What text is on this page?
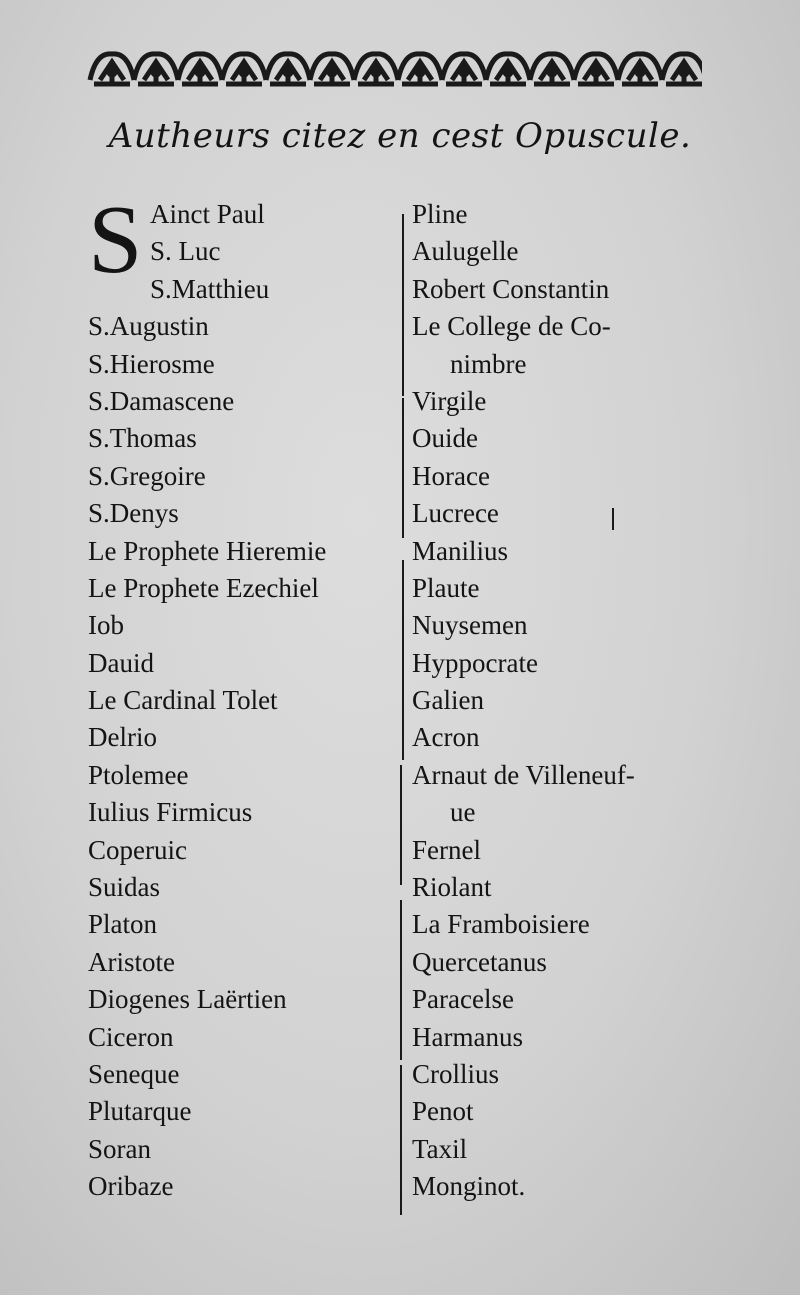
Autheurs citez en cest Opuscule.
S Ainct Paul
S. Luc
S.Matthieu
S.Augustin
S.Hierosme
S.Damascene
S.Thomas
S.Gregoire
S.Denys
Le Prophete Hieremie
Le Prophete Ezechiel
Iob
Dauid
Le Cardinal Tolet
Delrio
Ptolemee
Iulius Firmicus
Coperuic
Suidas
Platon
Aristote
Diogenes Laërtien
Ciceron
Seneque
Plutarque
Soran
Oribaze
Pline
Aulugelle
Robert Constantin
Le College de Co-
nimbre
Virgile
Ouide
Horace
Lucrece
Manilius
Plaute
Nuysemen
Hyppocrate
Galien
Acron
Arnaut de Villeneuf-
ue
Fernel
Riolant
La Framboisiere
Quercetanus
Paracelse
Harmanus
Crollius
Penot
Taxil
Monginot.
